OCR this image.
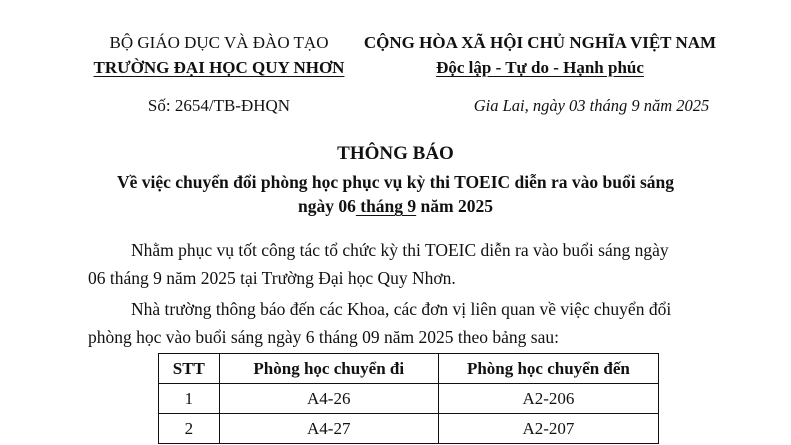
BỘ GIÁO DỤC VÀ ĐÀO TẠO
TRƯỜNG ĐẠI HỌC QUY NHƠN
Số: 2654/TB-ĐHQN
CỘNG HÒA XÃ HỘI CHỦ NGHĨA VIỆT NAM
Độc lập - Tự do - Hạnh phúc
Gia Lai, ngày 03 tháng 9 năm 2025
THÔNG BÁO
Về việc chuyển đổi phòng học phục vụ kỳ thi TOEIC diễn ra vào buổi sáng
ngày 06 tháng 9 năm 2025
Nhằm phục vụ tốt công tác tổ chức kỳ thi TOEIC diễn ra vào buổi sáng ngày
06 tháng 9 năm 2025 tại Trường Đại học Quy Nhơn.
Nhà trường thông báo đến các Khoa, các đơn vị liên quan về việc chuyển đổi
phòng học vào buổi sáng ngày 6 tháng 09 năm 2025 theo bảng sau:
STT	Phòng học chuyển đi	Phòng học chuyển đến
1	A4-26	A2-206
2	A4-27	A2-207
